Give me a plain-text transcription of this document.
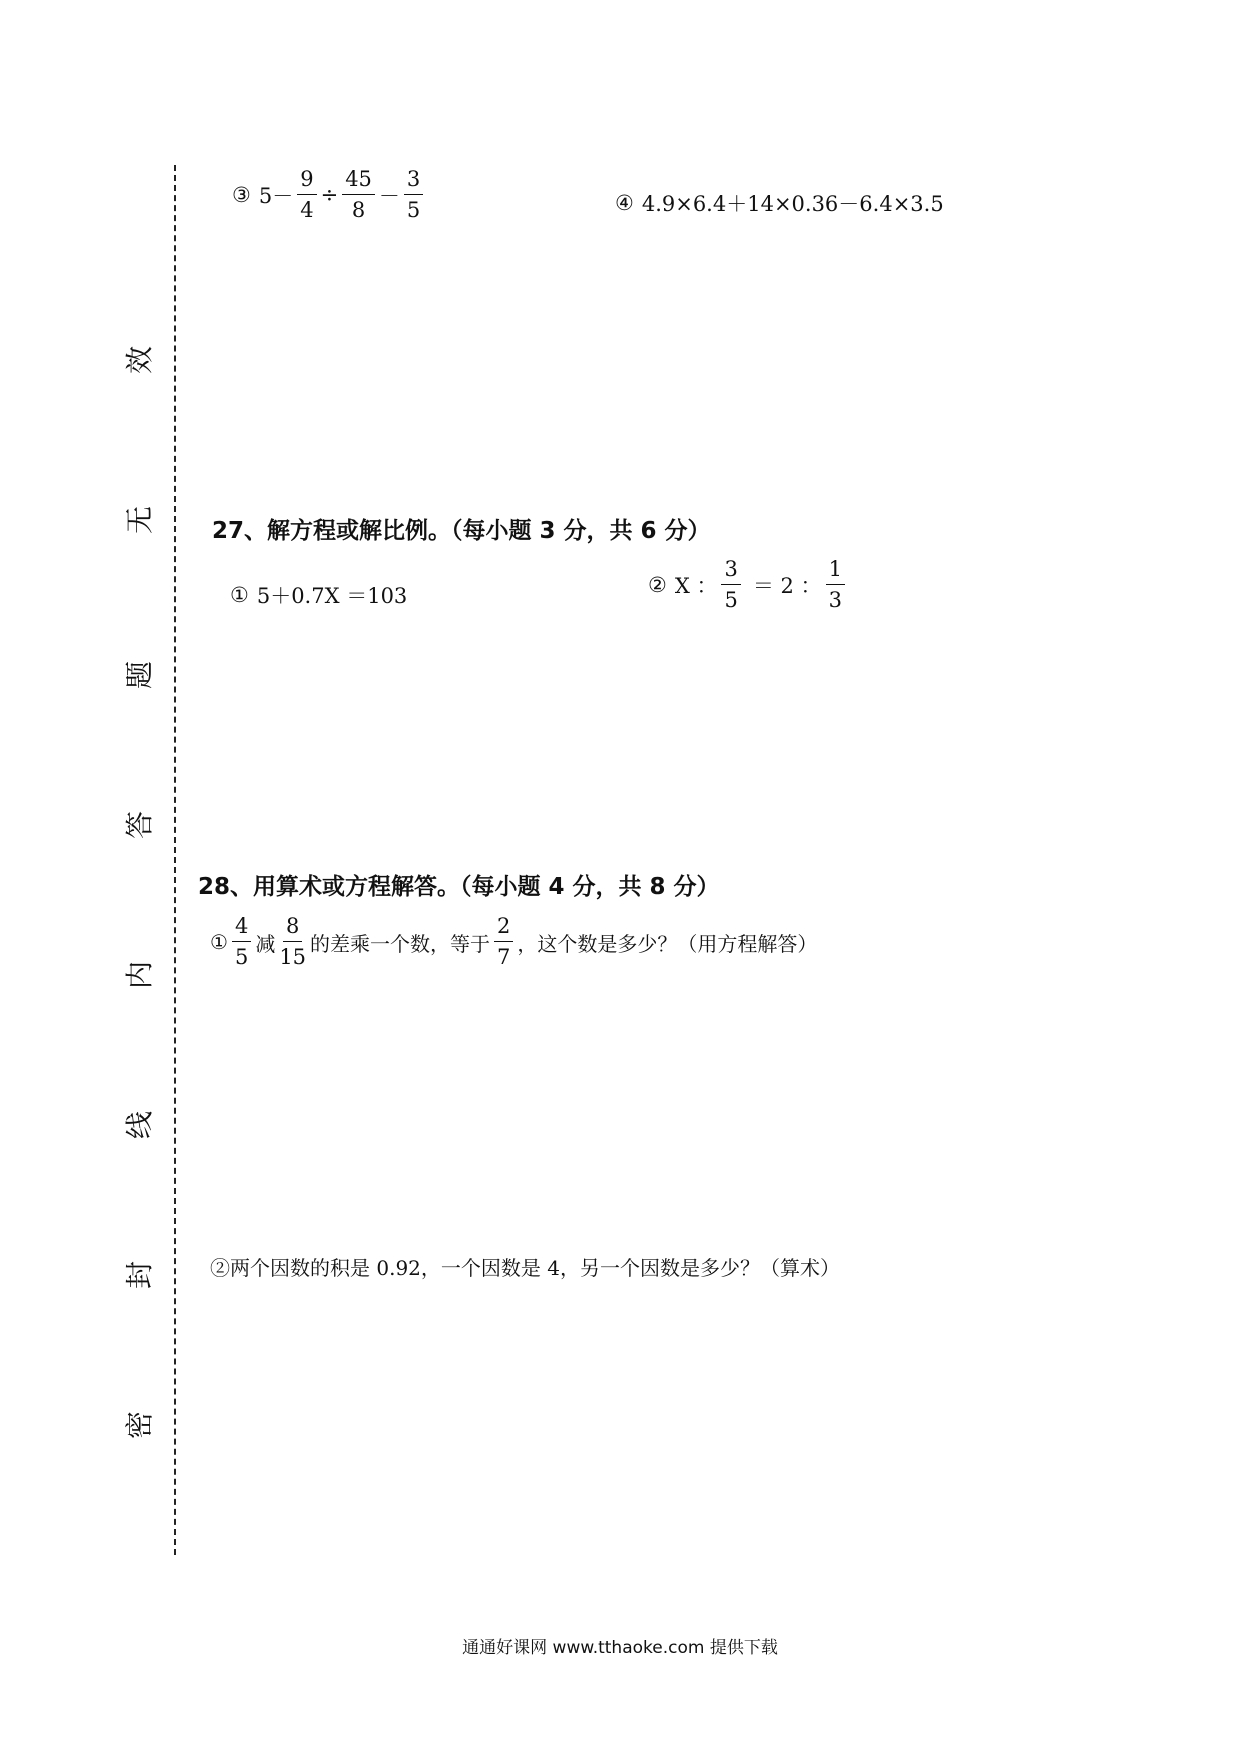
效
无
题
答
内
线
封
密
③ $5- \frac{9}{4} \div \frac{45}{8} - \frac{3}{5}$	④ 4.9×6.4＋14×0.36－6.4×3.5
27、解方程或解比例。（每小题 3 分，共 6 分）
① 5＋0.7X ＝103	② X ： $\frac{3}{5} = 2$ ： $\frac{1}{3}$
28、用算术或方程解答。（每小题 4 分，共 8 分）
① $\frac{4}{5}$ 减 $\frac{8}{15}$ 的差乘一个数，等于 $\frac{2}{7}$ ，这个数是多少？（用方程解答）
②两个因数的积是 0.92，一个因数是 4，另一个因数是多少？（算术）
通通好课网 www.tthaoke.com 提供下载
